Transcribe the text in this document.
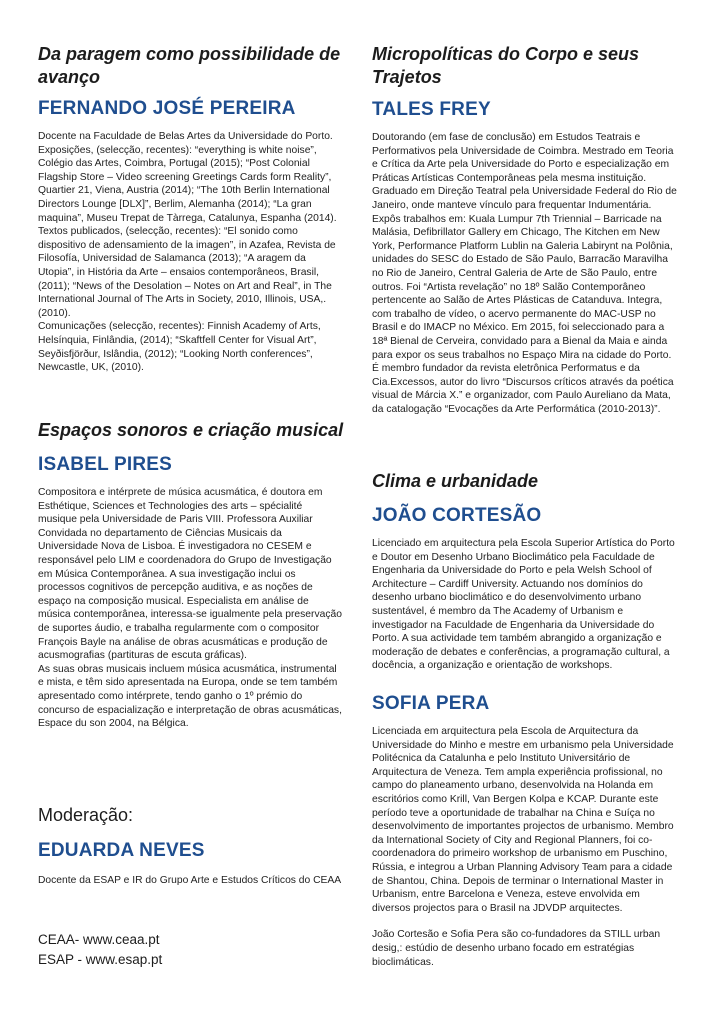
Da paragem como possibilidade de avanço
FERNANDO JOSÉ PEREIRA

Docente na Faculdade de Belas Artes da Universidade do Porto. Exposições, (selecção, recentes): “everything is white noise”, Colégio das Artes, Coimbra, Portugal (2015); “Post Colonial Flagship Store – Video screening Greetings Cards form Reality”, Quartier 21, Viena, Austria (2014); “The 10th Berlin International Directors Lounge [DLX]”, Berlim, Alemanha (2014); “La gran maquina”, Museu Trepat de Tàrrega, Catalunya, Espanha (2014).

Textos publicados, (selecção, recentes): “El sonido como dispositivo de adensamiento de la imagen”, in Azafea, Revista de Filosofía, Universidad de Salamanca (2013); “A aragem da Utopia”, in História da Arte – ensaios contemporâneos, Brasil, (2011); “News of the Desolation – Notes on Art and Real”, in The International Journal of The Arts in Society, 2010, Illinois, USA,. (2010).

Comunicações (selecção, recentes): Finnish Academy of Arts, Helsínquia, Finlândia, (2014); “Skaftfell Center for Visual Art”, Seyðisfjörður, Islândia, (2012); “Looking North conferences”, Newcastle, UK, (2010).

Espaços sonoros e criação musical
ISABEL PIRES

Compositora e intérprete de música acusmática, é doutora em Esthétique, Sciences et Technologies des arts – spécialité musique pela Universidade de Paris VIII. Professora Auxiliar Convidada no departamento de Ciências Musicais da Universidade Nova de Lisboa. É investigadora no CESEM e responsável pelo LIM e coordenadora do Grupo de Investigação em Música Contemporânea. A sua investigação inclui os processos cognitivos de percepção auditiva, e as noções de espaço na composição musical. Especialista em análise de música contemporânea, interessa-se igualmente pela preservação de suportes áudio, e trabalha regularmente com o compositor François Bayle na análise de obras acusmáticas e produção de acusmografias (partituras de escuta gráficas).

As suas obras musicais incluem música acusmática, instrumental e mista, e têm sido apresentada na Europa, onde se tem também apresentado como intérprete, tendo ganho o 1º prémio do concurso de espacialização e interpretação de obras acusmáticas, Espace du son 2004, na Bélgica.

Moderação:

EDUARDA NEVES

Docente da ESAP e IR do Grupo Arte e Estudos Críticos do CEAA

CEAA- www.ceaa.pt

ESAP - www.esap.pt

Micropolíticas do Corpo e seus Trajetos
TALES FREY

Doutorando (em fase de conclusão) em Estudos Teatrais e Performativos pela Universidade de Coimbra. Mestrado em Teoria e Crítica da Arte pela Universidade do Porto e especialização em Práticas Artísticas Contemporâneas pela mesma instituição. Graduado em Direção Teatral pela Universidade Federal do Rio de Janeiro, onde manteve vínculo para frequentar Indumentária. Expôs trabalhos em: Kuala Lumpur 7th Triennial – Barricade na Malásia, Defibrillator Gallery em Chicago, The Kitchen em New York, Performance Platform Lublin na Galeria Labirynt na Polônia, unidades do SESC do Estado de São Paulo, Barracão Maravilha no Rio de Janeiro, Central Galeria de Arte de São Paulo, entre outros. Foi “Artista revelação” no 18º Salão Contemporâneo pertencente ao Salão de Artes Plásticas de Catanduva. Integra, com trabalho de vídeo, o acervo permanente do MAC-USP no Brasil e do IMACP no México. Em 2015, foi seleccionado para a 18ª Bienal de Cerveira, convidado para a Bienal da Maia e ainda para expor os seus trabalhos no Espaço Mira na cidade do Porto. É membro fundador da revista eletrônica Performatus e da Cia.Excessos, autor do livro “Discursos críticos através da poética visual de Márcia X.” e organizador, com Paulo Aureliano da Mata, da catalogação “Evocações da Arte Performática (2010-2013)”.

Clima e urbanidade
JOÃO CORTESÃO

Licenciado em arquitectura pela Escola Superior Artística do Porto e Doutor em Desenho Urbano Bioclimático pela Faculdade de Engenharia da Universidade do Porto e pela Welsh School of Architecture – Cardiff University. Actuando nos domínios do desenho urbano bioclimático e do desenvolvimento urbano sustentável, é membro da The Academy of Urbanism e investigador na Faculdade de Engenharia da Universidade do Porto. A sua actividade tem também abrangido a organização e moderação de debates e conferências, a programação cultural, a docência, a organização e orientação de workshops.

SOFIA PERA

Licenciada em arquitectura pela Escola de Arquitectura da Universidade do Minho e mestre em urbanismo pela Universidade Politécnica da Catalunha e pelo Instituto Universitário de Arquitectura de Veneza. Tem ampla experiência profissional, no campo do planeamento urbano, desenvolvida na Holanda em escritórios como Krill, Van Bergen Kolpa e KCAP. Durante este período teve a oportunidade de trabalhar na China e Suíça no desenvolvimento de importantes projectos de urbanismo. Membro da International Society of City and Regional Planners, foi co-coordenadora do primeiro workshop de urbanismo em Puschino, Rússia, e integrou a Urban Planning Advisory Team para a cidade de Shantou, China. Depois de terminar o International Master in Urbanism, entre Barcelona e Veneza, esteve envolvida em diversos projectos para o Brasil na JDVDP arquitectes.

João Cortesão e Sofia Pera são co-fundadores da STILL urban desig,: estúdio de desenho urbano focado em estratégias bioclimáticas.
